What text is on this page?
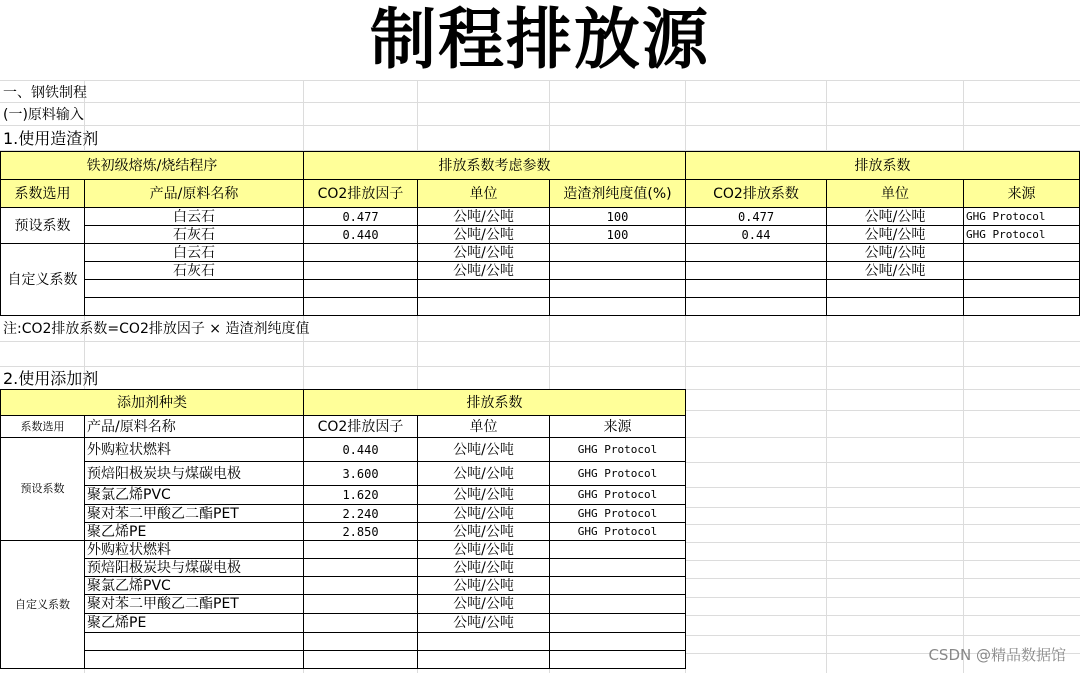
制程排放源
一、钢铁制程
(一)原料输入
1.使用造渣剂
铁初级熔炼/烧结程序		排放系数考虑参数			排放系数		
系数选用	产品/原料名称	CO2排放因子	单位	造渣剂纯度值(%)	CO2排放系数	单位	来源
预设系数	白云石	0.477	公吨/公吨	100	0.477	公吨/公吨	GHG Protocol
	石灰石	0.440	公吨/公吨	100	0.44	公吨/公吨	GHG Protocol
自定义系数	白云石		公吨/公吨			公吨/公吨	
	石灰石		公吨/公吨			公吨/公吨	

注:CO2排放系数=CO2排放因子 × 造渣剂纯度值
2.使用添加剂
添加剂种类		排放系数		
系数选用	产品/原料名称	CO2排放因子	单位	来源
预设系数	外购粒状燃料	0.440	公吨/公吨	GHG Protocol
	预焙阳极炭块与煤碳电极	3.600	公吨/公吨	GHG Protocol
	聚氯乙烯PVC	1.620	公吨/公吨	GHG Protocol
	聚对苯二甲酸乙二酯PET	2.240	公吨/公吨	GHG Protocol
	聚乙烯PE	2.850	公吨/公吨	GHG Protocol
自定义系数	外购粒状燃料		公吨/公吨	
	预焙阳极炭块与煤碳电极		公吨/公吨	
	聚氯乙烯PVC		公吨/公吨	
	聚对苯二甲酸乙二酯PET		公吨/公吨	
	聚乙烯PE		公吨/公吨	

CSDN @精品数据馆
